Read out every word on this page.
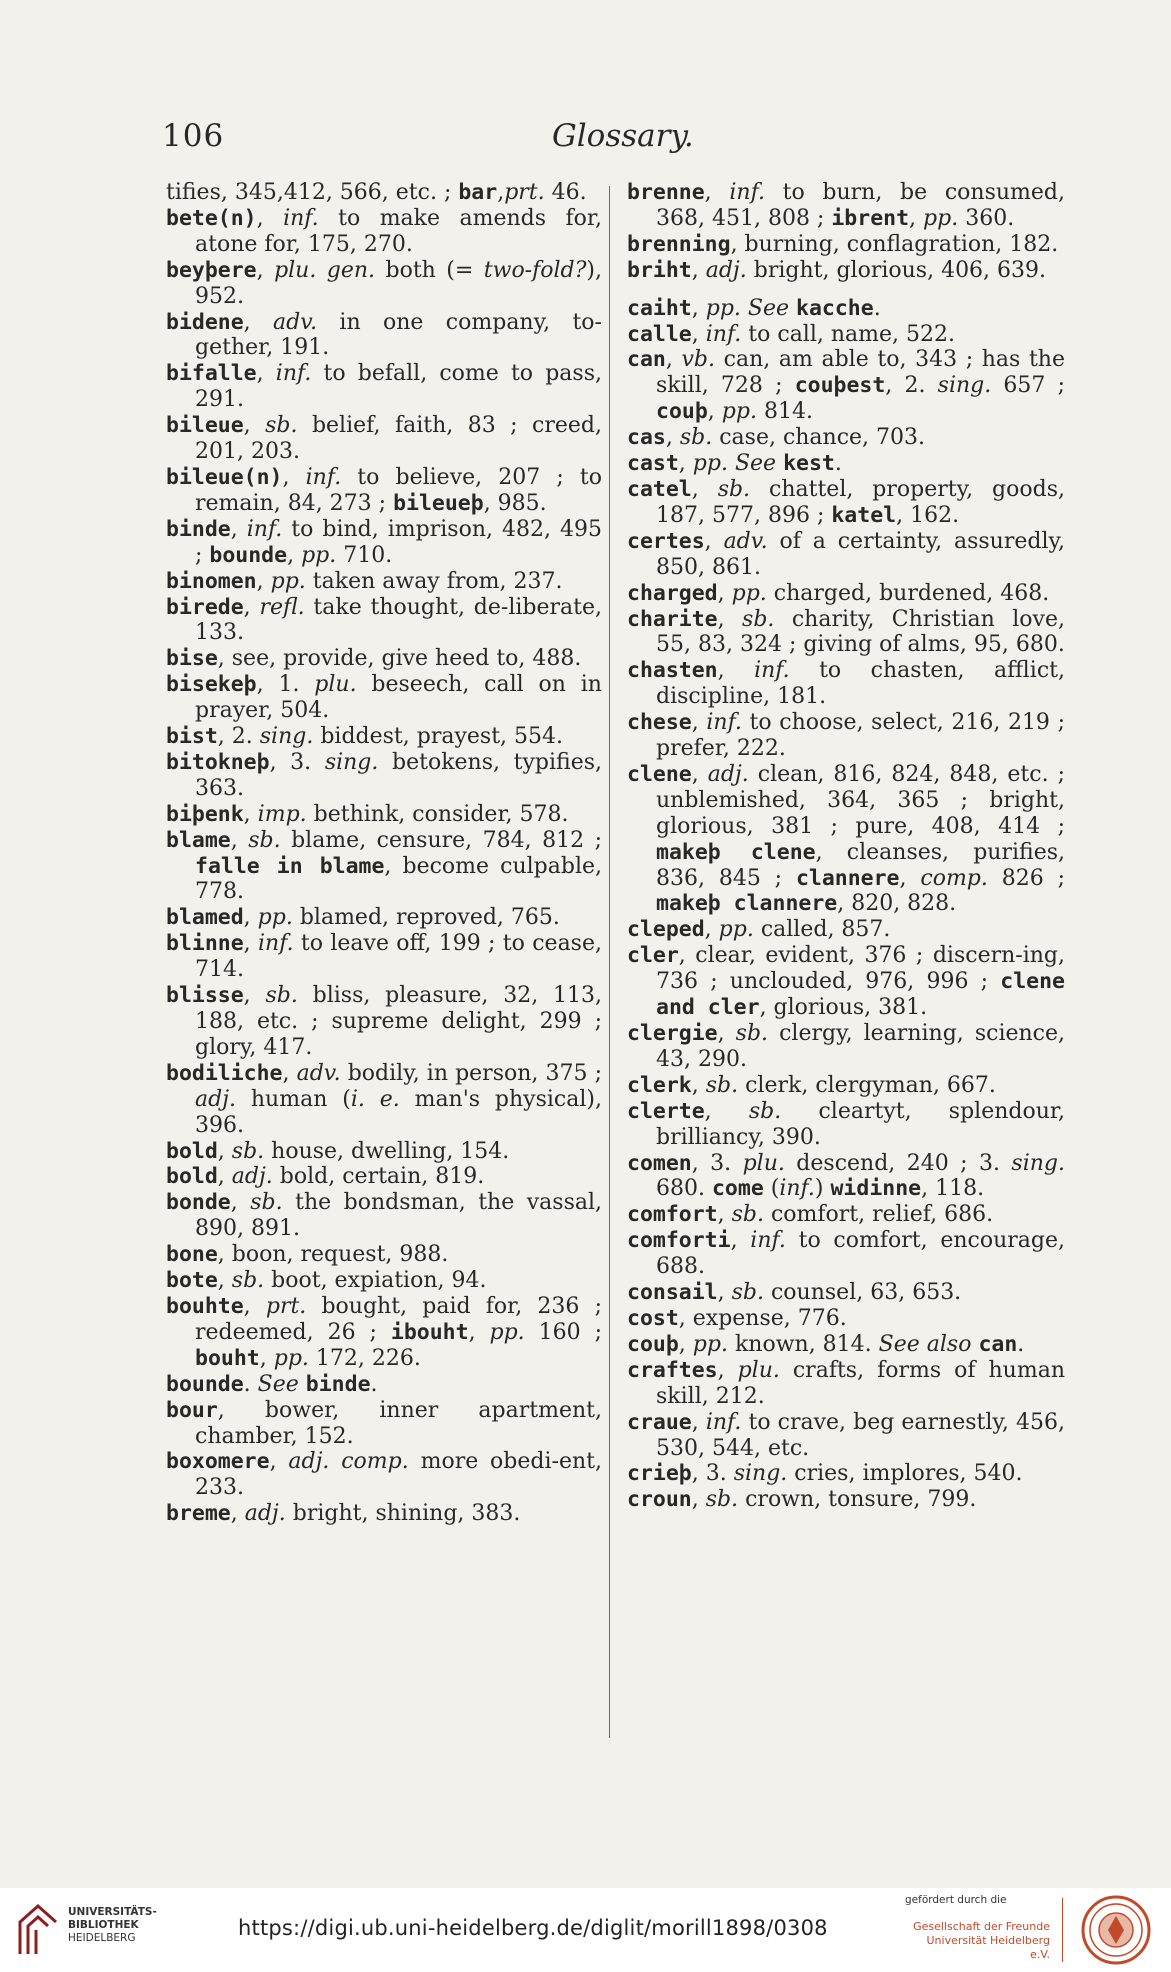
106	Glossary.
tifies, 345,412, 566, etc. ; bar,prt. 46.
bete(n), inf. to make amends for, atone for, 175, 270.
beyþere, plu. gen. both (= two-fold?), 952.
bidene, adv. in one company, to-gether, 191.
bifalle, inf. to befall, come to pass, 291.
bileue, sb. belief, faith, 83 ; creed, 201, 203.
bileue(n), inf. to believe, 207 ; to remain, 84, 273 ; bileueþ, 985.
binde, inf. to bind, imprison, 482, 495 ; bounde, pp. 710.
binomen, pp. taken away from, 237.
birede, refl. take thought, de-liberate, 133.
bise, see, provide, give heed to, 488.
bisekeþ, 1. plu. beseech, call on in prayer, 504.
bist, 2. sing. biddest, prayest, 554.
bitokneþ, 3. sing. betokens, typifies, 363.
biþenk, imp. bethink, consider, 578.
blame, sb. blame, censure, 784, 812 ; falle in blame, become culpable, 778.
blamed, pp. blamed, reproved, 765.
blinne, inf. to leave off, 199 ; to cease, 714.
blisse, sb. bliss, pleasure, 32, 113, 188, etc. ; supreme delight, 299 ; glory, 417.
bodiliche, adv. bodily, in person, 375 ; adj. human (i. e. man's physical), 396.
bold, sb. house, dwelling, 154.
bold, adj. bold, certain, 819.
bonde, sb. the bondsman, the vassal, 890, 891.
bone, boon, request, 988.
bote, sb. boot, expiation, 94.
bouhte, prt. bought, paid for, 236 ; redeemed, 26 ; ibouht, pp. 160 ; bouht, pp. 172, 226.
bounde. See binde.
bour, bower, inner apartment, chamber, 152.
boxomere, adj. comp. more obedi-ent, 233.
breme, adj. bright, shining, 383.
brenne, inf. to burn, be consumed, 368, 451, 808 ; ibrent, pp. 360.
brenning, burning, conflagration, 182.
briht, adj. bright, glorious, 406, 639.
caiht, pp. See kacche.
calle, inf. to call, name, 522.
can, vb. can, am able to, 343 ; has the skill, 728 ; couþest, 2. sing. 657 ; couþ, pp. 814.
cas, sb. case, chance, 703.
cast, pp. See kest.
catel, sb. chattel, property, goods, 187, 577, 896 ; katel, 162.
certes, adv. of a certainty, assuredly, 850, 861.
charged, pp. charged, burdened, 468.
charite, sb. charity, Christian love, 55, 83, 324 ; giving of alms, 95, 680.
chasten, inf. to chasten, afflict, discipline, 181.
chese, inf. to choose, select, 216, 219 ; prefer, 222.
clene, adj. clean, 816, 824, 848, etc. ; unblemished, 364, 365 ; bright, glorious, 381 ; pure, 408, 414 ; makeþ clene, cleanses, purifies, 836, 845 ; clannere, comp. 826 ; makeþ clannere, 820, 828.
cleped, pp. called, 857.
cler, clear, evident, 376 ; discern-ing, 736 ; unclouded, 976, 996 ; clene and cler, glorious, 381.
clergie, sb. clergy, learning, science, 43, 290.
clerk, sb. clerk, clergyman, 667.
clerte, sb. cleartyt, splendour, brilliancy, 390.
comen, 3. plu. descend, 240 ; 3. sing. 680. come (inf.) widinne, 118.
comfort, sb. comfort, relief, 686.
comforti, inf. to comfort, encourage, 688.
consail, sb. counsel, 63, 653.
cost, expense, 776.
couþ, pp. known, 814. See also can.
craftes, plu. crafts, forms of human skill, 212.
craue, inf. to crave, beg earnestly, 456, 530, 544, etc.
crieþ, 3. sing. cries, implores, 540.
croun, sb. crown, tonsure, 799.
UNIVERSITÄTS-
BIBLIOTHEK
HEIDELBERG	https://digi.ub.uni-heidelberg.de/diglit/morill1898/0308
gefördert durch die
Gesellschaft der Freunde
Universität Heidelberg e.V.
